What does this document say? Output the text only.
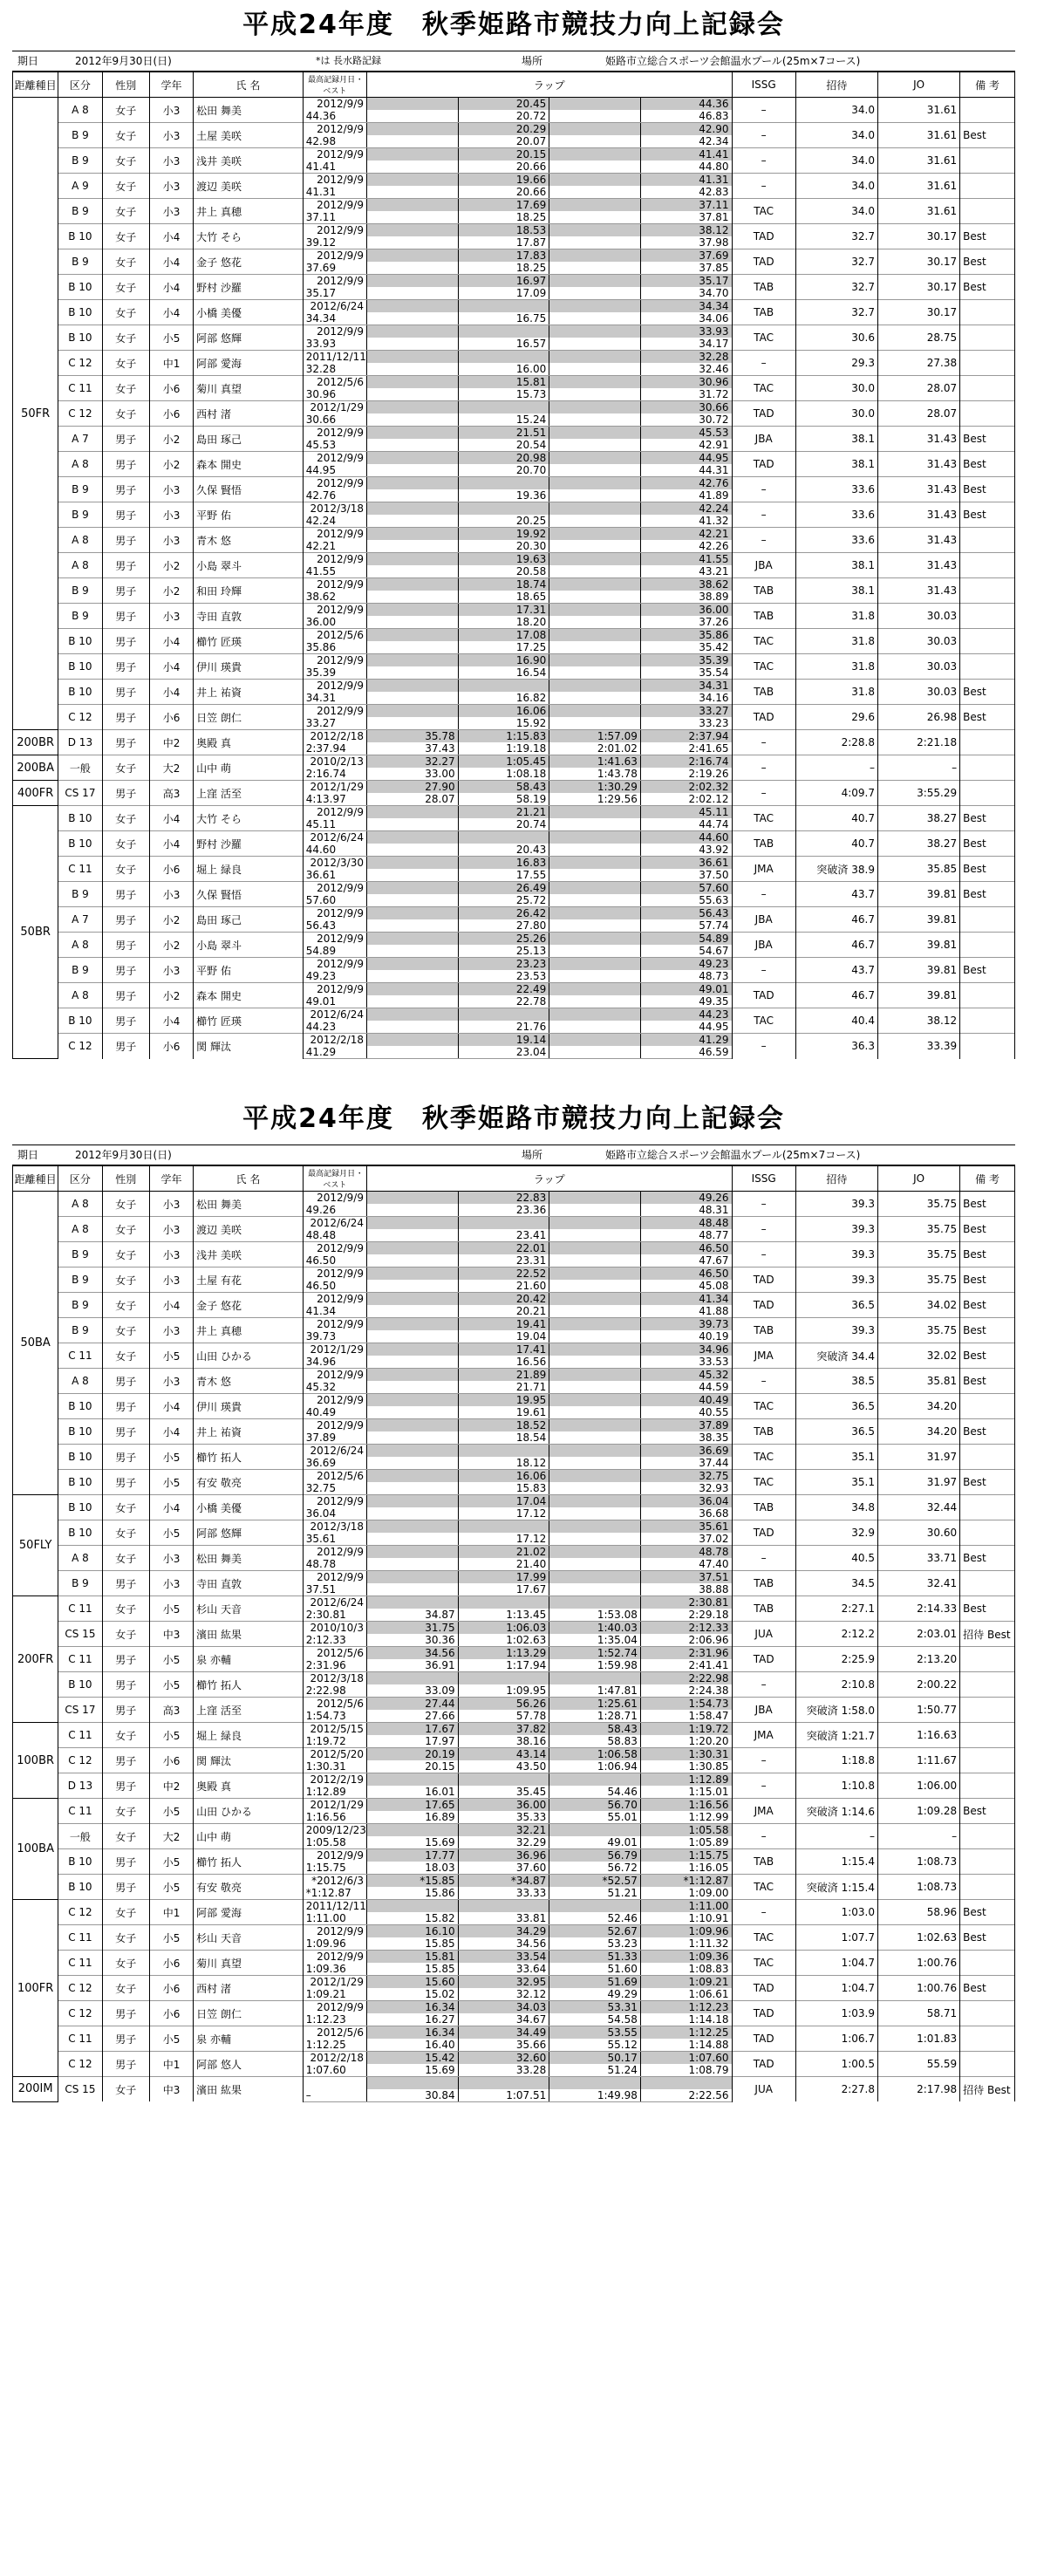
平成24年度　秋季姫路市競技力向上記録会
期日	2012年9月30日(日)	*は 長水路記録	場所	姫路市立総合スポーツ会館温水プール(25m×7コース)
距離種目	区分	性別	学年	氏 名	最高記録月日 ･ベスト	ラップ				ISSG	招待	JO	備 考
50FR	A 8	女子	小3	松田 舞美	2012/9/9		20.45		44.36	–	34.0	31.61	
					44.36		20.72		46.83				
	B 9	女子	小3	土屋 美咲	2012/9/9		20.29		42.90	–	34.0	31.61	Best
					42.98		20.07		42.34				
	B 9	女子	小3	浅井 美咲	2012/9/9		20.15		41.41	–	34.0	31.61	
					41.41		20.66		44.80				
	A 9	女子	小3	渡辺 美咲	2012/9/9		19.66		41.31	–	34.0	31.61	
					41.31		20.66		42.83				
	B 9	女子	小3	井上 真穂	2012/9/9		17.69		37.11	TAC	34.0	31.61	
					37.11		18.25		37.81				
	B 10	女子	小4	大竹 そら	2012/9/9		18.53		38.12	TAD	32.7	30.17	Best
					39.12		17.87		37.98				
	B 9	女子	小4	金子 悠花	2012/9/9		17.83		37.69	TAD	32.7	30.17	Best
					37.69		18.25		37.85				
	B 10	女子	小4	野村 沙羅	2012/9/9		16.97		35.17	TAB	32.7	30.17	Best
					35.17		17.09		34.70				
	B 10	女子	小4	小橋 美優	2012/6/24				34.34	TAB	32.7	30.17	
					34.34		16.75		34.06				
	B 10	女子	小5	阿部 悠輝	2012/9/9				33.93	TAC	30.6	28.75	
					33.93		16.57		34.17				
	C 12	女子	中1	阿部 愛海	2011/12/11				32.28	–	29.3	27.38	
					32.28		16.00		32.46				
	C 11	女子	小6	菊川 真望	2012/5/6		15.81		30.96	TAC	30.0	28.07	
					30.96		15.73		31.72				
	C 12	女子	小6	西村 渚	2012/1/29				30.66	TAD	30.0	28.07	
					30.66		15.24		30.72				
	A 7	男子	小2	島田 琢己	2012/9/9		21.51		45.53	JBA	38.1	31.43	Best
					45.53		20.54		42.91				
	A 8	男子	小2	森本 開史	2012/9/9		20.98		44.95	TAD	38.1	31.43	Best
					44.95		20.70		44.31				
	B 9	男子	小3	久保 賢悟	2012/9/9				42.76	–	33.6	31.43	Best
					42.76		19.36		41.89				
	B 9	男子	小3	平野 佑	2012/3/18				42.24	–	33.6	31.43	Best
					42.24		20.25		41.32				
	A 8	男子	小3	青木 悠	2012/9/9		19.92		42.21	–	33.6	31.43	
					42.21		20.30		42.26				
	A 8	男子	小2	小島 翠斗	2012/9/9		19.63		41.55	JBA	38.1	31.43	
					41.55		20.58		43.21				
	B 9	男子	小2	和田 玲輝	2012/9/9		18.74		38.62	TAB	38.1	31.43	
					38.62		18.65		38.89				
	B 9	男子	小3	寺田 直敦	2012/9/9		17.31		36.00	TAB	31.8	30.03	
					36.00		18.20		37.26				
	B 10	男子	小4	櫛竹 匠瑛	2012/5/6		17.08		35.86	TAC	31.8	30.03	
					35.86		17.25		35.42				
	B 10	男子	小4	伊川 瑛貴	2012/9/9		16.90		35.39	TAC	31.8	30.03	
					35.39		16.54		35.54				
	B 10	男子	小4	井上 祐資	2012/9/9				34.31	TAB	31.8	30.03	Best
					34.31		16.82		34.16				
	C 12	男子	小6	日笠 朗仁	2012/9/9		16.06		33.27	TAD	29.6	26.98	Best
					33.27		15.92		33.23				
200BR	D 13	男子	中2	奥殿 真	2012/2/18	35.78	1:15.83	1:57.09	2:37.94	–	2:28.8	2:21.18	
					2:37.94	37.43	1:19.18	2:01.02	2:41.65				
200BA	一般	女子	大2	山中 萌	2010/2/13	32.27	1:05.45	1:41.63	2:16.74	–	–	–	
					2:16.74	33.00	1:08.18	1:43.78	2:19.26				
400FR	CS 17	男子	高3	上窪 活至	2012/1/29	27.90	58.43	1:30.29	2:02.32	–	4:09.7	3:55.29	
					4:13.97	28.07	58.19	1:29.56	2:02.12				
50BR	B 10	女子	小4	大竹 そら	2012/9/9		21.21		45.11	TAC	40.7	38.27	Best
					45.11		20.74		44.74				
	B 10	女子	小4	野村 沙羅	2012/6/24				44.60	TAB	40.7	38.27	Best
					44.60		20.43		43.92				
	C 11	女子	小6	堀上 緑良	2012/3/30		16.83		36.61	JMA	突破済 38.9	35.85	Best
					36.61		17.55		37.50				
	B 9	男子	小3	久保 賢悟	2012/9/9		26.49		57.60	–	43.7	39.81	Best
					57.60		25.72		55.63				
	A 7	男子	小2	島田 琢己	2012/9/9		26.42		56.43	JBA	46.7	39.81	
					56.43		27.80		57.74				
	A 8	男子	小2	小島 翠斗	2012/9/9		25.26		54.89	JBA	46.7	39.81	
					54.89		25.13		54.67				
	B 9	男子	小3	平野 佑	2012/9/9		23.23		49.23	–	43.7	39.81	Best
					49.23		23.53		48.73				
	A 8	男子	小2	森本 開史	2012/9/9		22.49		49.01	TAD	46.7	39.81	
					49.01		22.78		49.35				
	B 10	男子	小4	櫛竹 匠瑛	2012/6/24				44.23	TAC	40.4	38.12	
					44.23		21.76		44.95				
	C 12	男子	小6	関 輝汰	2012/2/18		19.14		41.29	–	36.3	33.39	
					41.29		23.04		46.59				
平成24年度　秋季姫路市競技力向上記録会
期日	2012年9月30日(日)	場所	姫路市立総合スポーツ会館温水プール(25m×7コース)
距離種目	区分	性別	学年	氏 名	最高記録月日 ･ベスト	ラップ				ISSG	招待	JO	備 考
50BA	A 8	女子	小3	松田 舞美	2012/9/9		22.83		49.26	–	39.3	35.75	Best
					49.26		23.36		48.31				
	A 8	女子	小3	渡辺 美咲	2012/6/24				48.48	–	39.3	35.75	Best
					48.48		23.41		48.77				
	B 9	女子	小3	浅井 美咲	2012/9/9		22.01		46.50	–	39.3	35.75	Best
					46.50		23.31		47.67				
	B 9	女子	小3	土屋 有花	2012/9/9		22.52		46.50	TAD	39.3	35.75	Best
					46.50		21.60		45.08				
	B 9	女子	小4	金子 悠花	2012/9/9		20.42		41.34	TAD	36.5	34.02	Best
					41.34		20.21		41.88				
	B 9	女子	小3	井上 真穂	2012/9/9		19.41		39.73	TAB	39.3	35.75	Best
					39.73		19.04		40.19				
	C 11	女子	小5	山田 ひかる	2012/1/29		17.41		34.96	JMA	突破済 34.4	32.02	Best
					34.96		16.56		33.53				
	A 8	男子	小3	青木 悠	2012/9/9		21.89		45.32	–	38.5	35.81	Best
					45.32		21.71		44.59				
	B 10	男子	小4	伊川 瑛貴	2012/9/9		19.95		40.49	TAC	36.5	34.20	
					40.49		19.61		40.55				
	B 10	男子	小4	井上 祐資	2012/9/9		18.52		37.89	TAB	36.5	34.20	Best
					37.89		18.54		38.35				
	B 10	男子	小5	櫛竹 拓人	2012/6/24				36.69	TAC	35.1	31.97	
					36.69		18.12		37.44				
	B 10	男子	小5	有安 敬亮	2012/5/6		16.06		32.75	TAC	35.1	31.97	Best
					32.75		15.83		32.93				
50FLY	B 10	女子	小4	小橋 美優	2012/9/9		17.04		36.04	TAB	34.8	32.44	
					36.04		17.12		36.68				
	B 10	女子	小5	阿部 悠輝	2012/3/18				35.61	TAD	32.9	30.60	
					35.61		17.12		37.02				
	A 8	女子	小3	松田 舞美	2012/9/9		21.02		48.78	–	40.5	33.71	Best
					48.78		21.40		47.40				
	B 9	男子	小3	寺田 直敦	2012/9/9		17.99		37.51	TAB	34.5	32.41	
					37.51		17.67		38.88				
200FR	C 11	女子	小5	杉山 天音	2012/6/24				2:30.81	TAB	2:27.1	2:14.33	Best
					2:30.81	34.87	1:13.45	1:53.08	2:29.18				
	CS 15	女子	中3	濱田 紘果	2010/10/3	31.75	1:06.03	1:40.03	2:12.33	JUA	2:12.2	2:03.01	招待 Best
					2:12.33	30.36	1:02.63	1:35.04	2:06.96				
	C 11	男子	小5	泉 亦輔	2012/5/6	34.56	1:13.29	1:52.74	2:31.96	TAD	2:25.9	2:13.20	
					2:31.96	36.91	1:17.94	1:59.98	2:41.41				
	B 10	男子	小5	櫛竹 拓人	2012/3/18				2:22.98	–	2:10.8	2:00.22	
					2:22.98	33.09	1:09.95	1:47.81	2:24.38				
	CS 17	男子	高3	上窪 活至	2012/5/6	27.44	56.26	1:25.61	1:54.73	JBA	突破済 1:58.0	1:50.77	
					1:54.73	27.66	57.78	1:28.71	1:58.47				
100BR	C 11	女子	小5	堀上 緑良	2012/5/15	17.67	37.82	58.43	1:19.72	JMA	突破済 1:21.7	1:16.63	
					1:19.72	17.97	38.16	58.83	1:20.20				
	C 12	男子	小6	関 輝汰	2012/5/20	20.19	43.14	1:06.58	1:30.31	–	1:18.8	1:11.67	
					1:30.31	20.15	43.50	1:06.94	1:30.85				
	D 13	男子	中2	奥殿 真	2012/2/19				1:12.89	–	1:10.8	1:06.00	
					1:12.89	16.01	35.45	54.46	1:15.01				
100BA	C 11	女子	小5	山田 ひかる	2012/1/29	17.65	36.00	56.70	1:16.56	JMA	突破済 1:14.6	1:09.28	Best
					1:16.56	16.89	35.33	55.01	1:12.99				
	一般	女子	大2	山中 萌	2009/12/23		32.21		1:05.58	–	–	–	
					1:05.58	15.69	32.29	49.01	1:05.89				
	B 10	男子	小5	櫛竹 拓人	2012/9/9	17.77	36.96	56.79	1:15.75	TAB	1:15.4	1:08.73	
					1:15.75	18.03	37.60	56.72	1:16.05				
	B 10	男子	小5	有安 敬亮	*2012/6/3	*15.85	*34.87	*52.57	*1:12.87	TAC	突破済 1:15.4	1:08.73	
					*1:12.87	15.86	33.33	51.21	1:09.00				
100FR	C 12	女子	中1	阿部 愛海	2011/12/11				1:11.00	–	1:03.0	58.96	Best
					1:11.00	15.82	33.81	52.46	1:10.91				
	C 11	女子	小5	杉山 天音	2012/9/9	16.10	34.29	52.67	1:09.96	TAC	1:07.7	1:02.63	Best
					1:09.96	15.85	34.56	53.23	1:11.32				
	C 11	女子	小6	菊川 真望	2012/9/9	15.81	33.54	51.33	1:09.36	TAC	1:04.7	1:00.76	
					1:09.36	15.85	33.64	51.60	1:08.83				
	C 12	女子	小6	西村 渚	2012/1/29	15.60	32.95	51.69	1:09.21	TAD	1:04.7	1:00.76	Best
					1:09.21	15.02	32.12	49.29	1:06.61				
	C 12	男子	小6	日笠 朗仁	2012/9/9	16.34	34.03	53.31	1:12.23	TAD	1:03.9	58.71	
					1:12.23	16.27	34.67	54.58	1:14.18				
	C 11	男子	小5	泉 亦輔	2012/5/6	16.34	34.49	53.55	1:12.25	TAD	1:06.7	1:01.83	
					1:12.25	16.40	35.66	55.12	1:14.88				
	C 12	男子	中1	阿部 悠人	2012/2/18	15.42	32.60	50.17	1:07.60	TAD	1:00.5	55.59	
					1:07.60	15.69	33.28	51.24	1:08.79				
200IM	CS 15	女子	中3	濱田 紘果						JUA	2:27.8	2:17.98	招待 Best
					–	30.84	1:07.51	1:49.98	2:22.56				
